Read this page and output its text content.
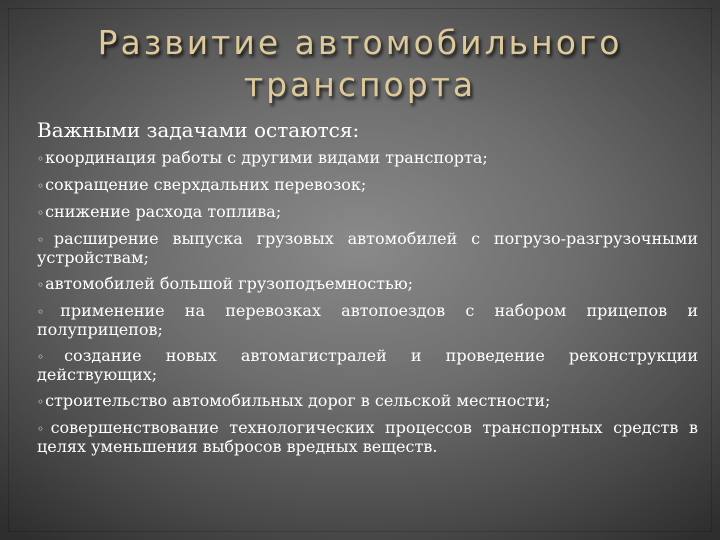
Развитие автомобильного
транспорта

Важными задачами остаются:

◦координация работы с другими видами транспорта;
◦сокращение сверхдальних перевозок;
◦снижение расхода топлива;
◦расширение выпуска грузовых автомобилей с погрузо-разгрузочными устройствам;
◦автомобилей большой грузоподъемностью;
◦применение на перевозках автопоездов с набором прицепов и полуприцепов;
◦создание новых автомагистралей и проведение реконструкции действующих;
◦строительство автомобильных дорог в сельской местности;
◦совершенствование технологических процессов транспортных средств в целях уменьшения выбросов вредных веществ.
